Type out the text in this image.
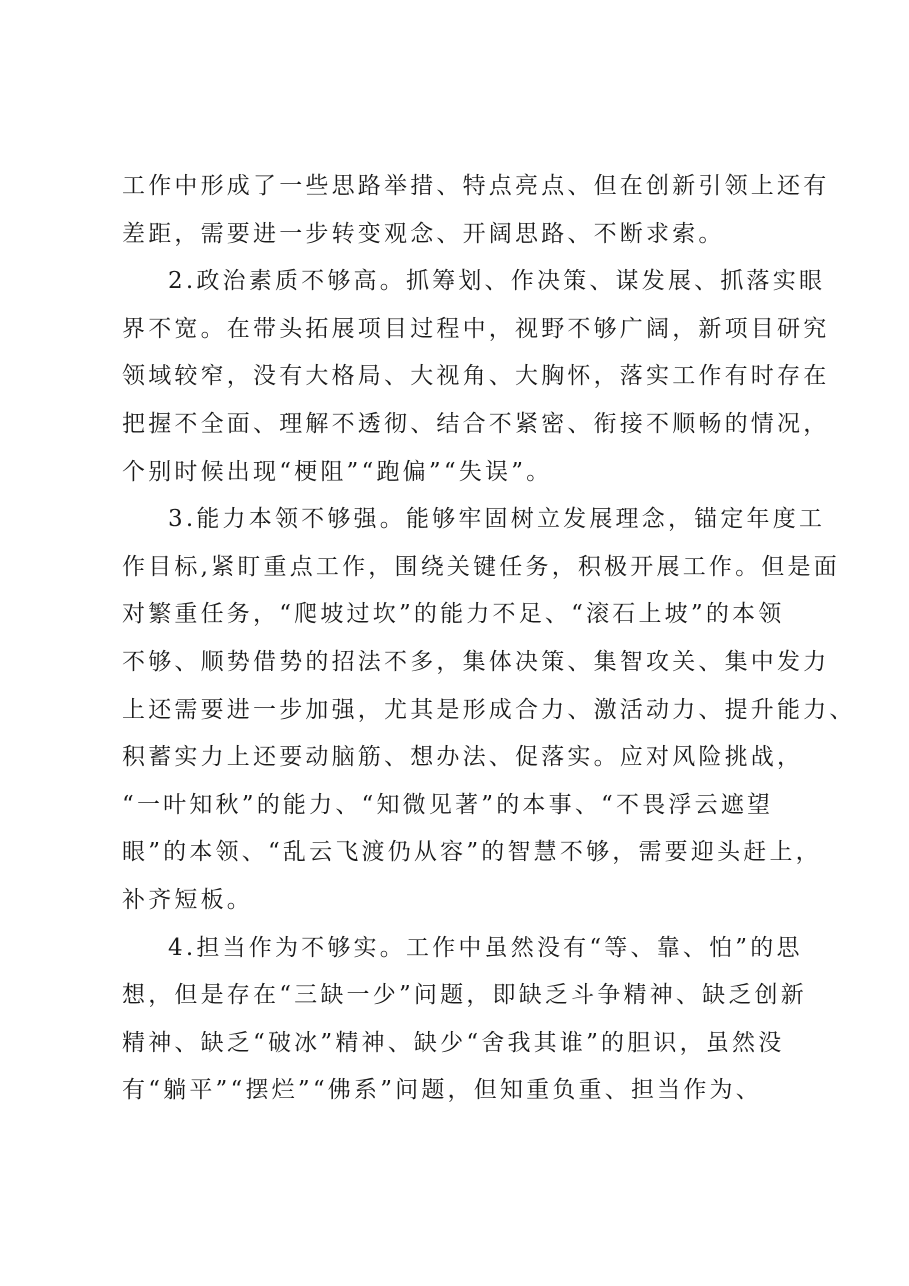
工作中形成了一些思路举措、特点亮点、但在创新引领上还有
差距，需要进一步转变观念、开阔思路、不断求索。
2.政治素质不够高。抓筹划、作决策、谋发展、抓落实眼
界不宽。在带头拓展项目过程中，视野不够广阔，新项目研究
领域较窄，没有大格局、大视角、大胸怀，落实工作有时存在
把握不全面、理解不透彻、结合不紧密、衔接不顺畅的情况，
个别时候出现“梗阻”“跑偏”“失误”。
3.能力本领不够强。能够牢固树立发展理念，锚定年度工
作目标,紧盯重点工作，围绕关键任务，积极开展工作。但是面
对繁重任务，“爬坡过坎”的能力不足、“滚石上坡”的本领
不够、顺势借势的招法不多，集体决策、集智攻关、集中发力
上还需要进一步加强，尤其是形成合力、激活动力、提升能力、
积蓄实力上还要动脑筋、想办法、促落实。应对风险挑战，
“一叶知秋”的能力、“知微见著”的本事、“不畏浮云遮望
眼”的本领、“乱云飞渡仍从容”的智慧不够，需要迎头赶上，
补齐短板。
4.担当作为不够实。工作中虽然没有“等、靠、怕”的思
想，但是存在“三缺一少”问题，即缺乏斗争精神、缺乏创新
精神、缺乏“破冰”精神、缺少“舍我其谁”的胆识，虽然没
有“躺平”“摆烂”“佛系”问题，但知重负重、担当作为、
